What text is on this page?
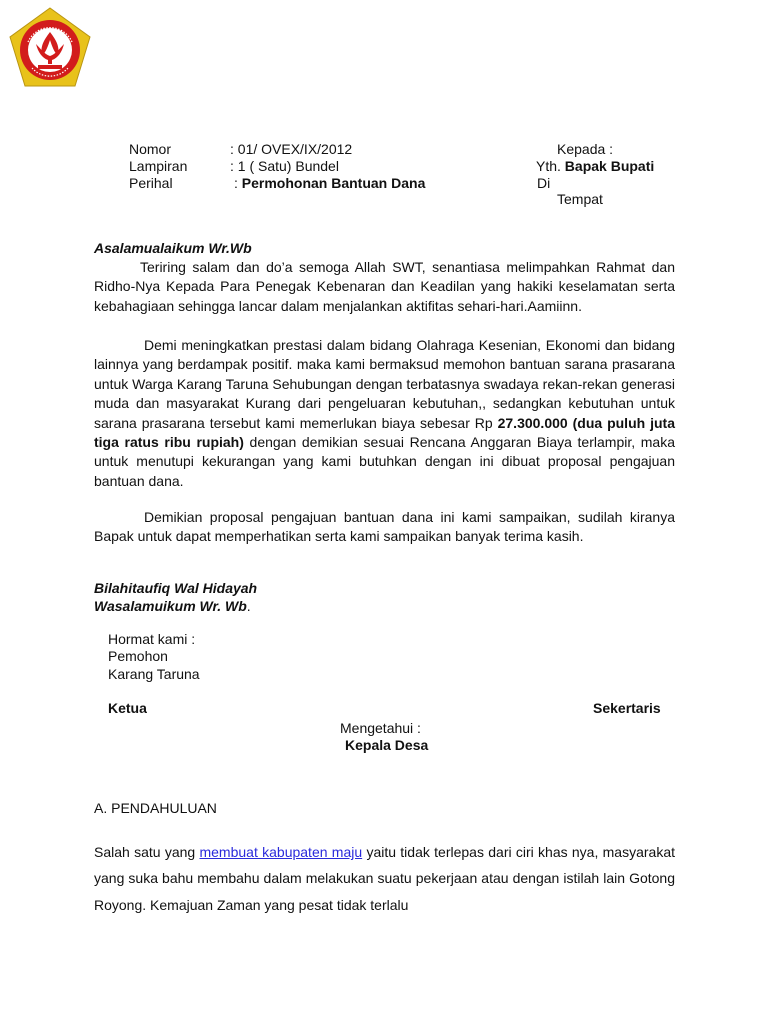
Nomor	: 01/ OVEX/IX/2012
Lampiran	: 1 ( Satu) Bundel
Perihal	: Permohonan Bantuan Dana
Kepada :
Yth. Bapak Bupati
Di
Tempat
Asalamualaikum Wr.Wb
Teriring salam dan do’a semoga Allah SWT, senantiasa melimpahkan Rahmat dan Ridho-Nya Kepada Para Penegak Kebenaran dan Keadilan yang hakiki keselamatan serta kebahagiaan sehingga lancar dalam menjalankan aktifitas sehari-hari.Aamiinn.
Demi meningkatkan prestasi dalam bidang Olahraga Kesenian, Ekonomi dan bidang lainnya yang berdampak positif. maka kami bermaksud memohon bantuan sarana prasarana untuk Warga Karang Taruna Sehubungan dengan terbatasnya swadaya rekan-rekan generasi muda dan masyarakat Kurang dari pengeluaran kebutuhan,, sedangkan kebutuhan untuk sarana prasarana tersebut kami memerlukan biaya sebesar Rp 27.300.000 (dua puluh juta tiga ratus ribu rupiah) dengan demikian sesuai Rencana Anggaran Biaya terlampir, maka untuk menutupi kekurangan yang kami butuhkan dengan ini dibuat proposal pengajuan bantuan dana.
Demikian proposal pengajuan bantuan dana ini kami sampaikan, sudilah kiranya Bapak untuk dapat memperhatikan serta kami sampaikan banyak terima kasih.
Bilahitaufiq Wal Hidayah
Wasalamuikum Wr. Wb.
Hormat kami :
Pemohon
Karang Taruna
Ketua	Sekertaris
Mengetahui :
Kepala Desa
A. PENDAHULUAN
Salah satu yang membuat kabupaten maju yaitu tidak terlepas dari ciri khas nya, masyarakat yang suka bahu membahu dalam melakukan suatu pekerjaan atau dengan istilah lain Gotong Royong. Kemajuan Zaman yang pesat tidak terlalu
